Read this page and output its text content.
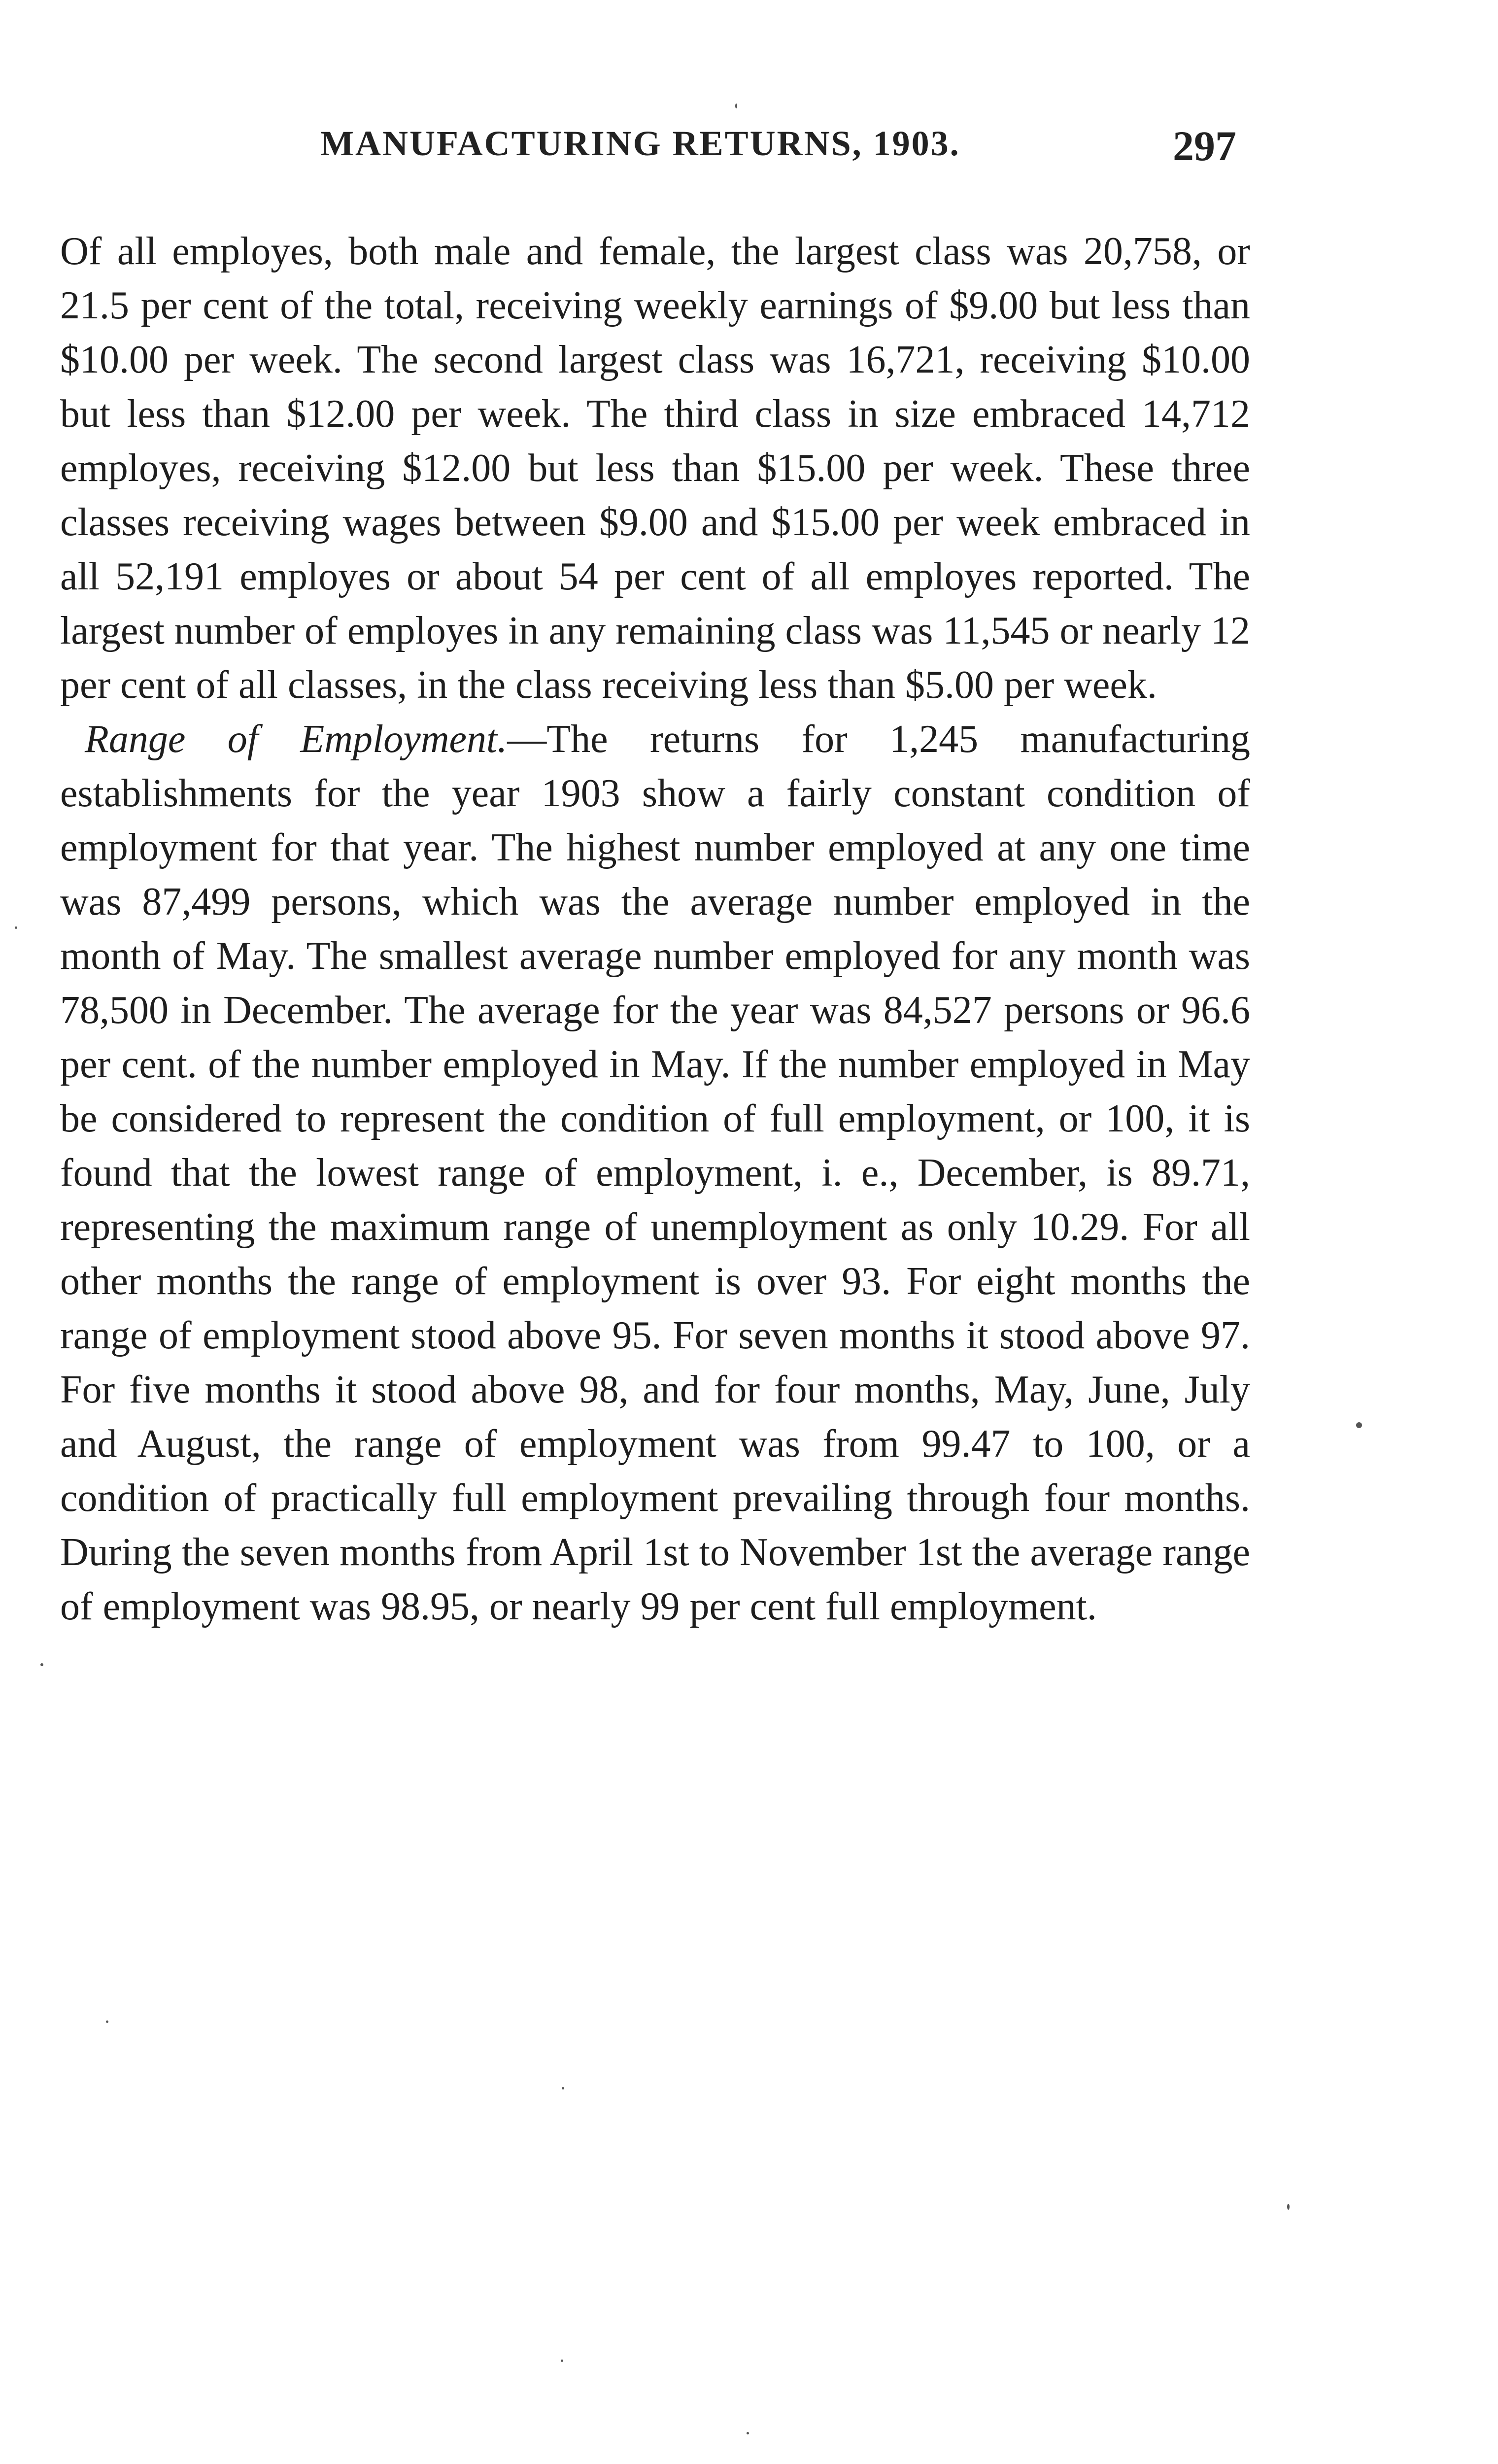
MANUFACTURING RETURNS, 1903.	297

Of all employes, both male and female, the largest class was 20,758, or 21.5 per cent of the total, receiving weekly earnings of $9.00 but less than $10.00 per week. The second largest class was 16,721, receiving $10.00 but less than $12.00 per week. The third class in size embraced 14,712 employes, receiving $12.00 but less than $15.00 per week. These three classes receiving wages between $9.00 and $15.00 per week embraced in all 52,191 employes or about 54 per cent of all employes reported. The largest number of employes in any remaining class was 11,545 or nearly 12 per cent of all classes, in the class receiving less than $5.00 per week.

Range of Employment.—The returns for 1,245 manufacturing establishments for the year 1903 show a fairly constant condition of employment for that year. The highest number employed at any one time was 87,499 persons, which was the average number employed in the month of May. The smallest average number employed for any month was 78,500 in December. The average for the year was 84,527 persons or 96.6 per cent. of the number employed in May. If the number employed in May be considered to represent the condition of full employment, or 100, it is found that the lowest range of employment, i. e., December, is 89.71, representing the maximum range of unemployment as only 10.29. For all other months the range of employment is over 93. For eight months the range of employment stood above 95. For seven months it stood above 97. For five months it stood above 98, and for four months, May, June, July and August, the range of employment was from 99.47 to 100, or a condition of practically full employment prevailing through four months. During the seven months from April 1st to November 1st the average range of employment was 98.95, or nearly 99 per cent full employment.
